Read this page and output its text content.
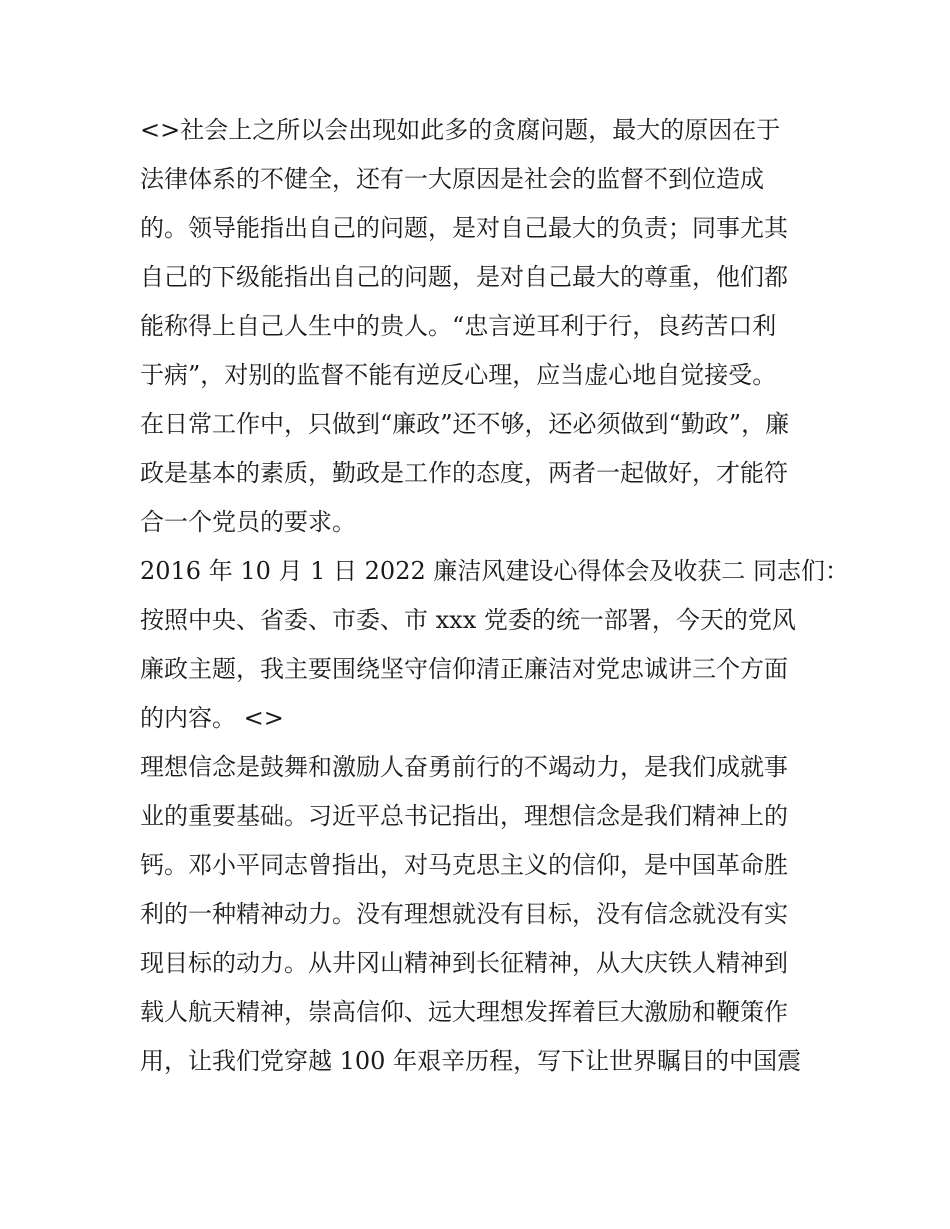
<>社会上之所以会出现如此多的贪腐问题，最大的原因在于
法律体系的不健全，还有一大原因是社会的监督不到位造成
的。领导能指出自己的问题，是对自己最大的负责；同事尤其
自己的下级能指出自己的问题，是对自己最大的尊重，他们都
能称得上自己人生中的贵人。“忠言逆耳利于行，良药苦口利
于病”，对别的监督不能有逆反心理，应当虚心地自觉接受。
在日常工作中，只做到“廉政”还不够，还必须做到“勤政”，廉
政是基本的素质，勤政是工作的态度，两者一起做好，才能符
合一个党员的要求。
2016 年 10 月 1 日 2022 廉洁风建设心得体会及收获二 同志们：
按照中央、省委、市委、市 xxx 党委的统一部署，今天的党风
廉政主题，我主要围绕坚守信仰清正廉洁对党忠诚讲三个方面
的内容。 <>
理想信念是鼓舞和激励人奋勇前行的不竭动力，是我们成就事
业的重要基础。习近平总书记指出，理想信念是我们精神上的
钙。邓小平同志曾指出，对马克思主义的信仰，是中国革命胜
利的一种精神动力。没有理想就没有目标，没有信念就没有实
现目标的动力。从井冈山精神到长征精神，从大庆铁人精神到
载人航天精神，崇高信仰、远大理想发挥着巨大激励和鞭策作
用，让我们党穿越 100 年艰辛历程，写下让世界瞩目的中国震
